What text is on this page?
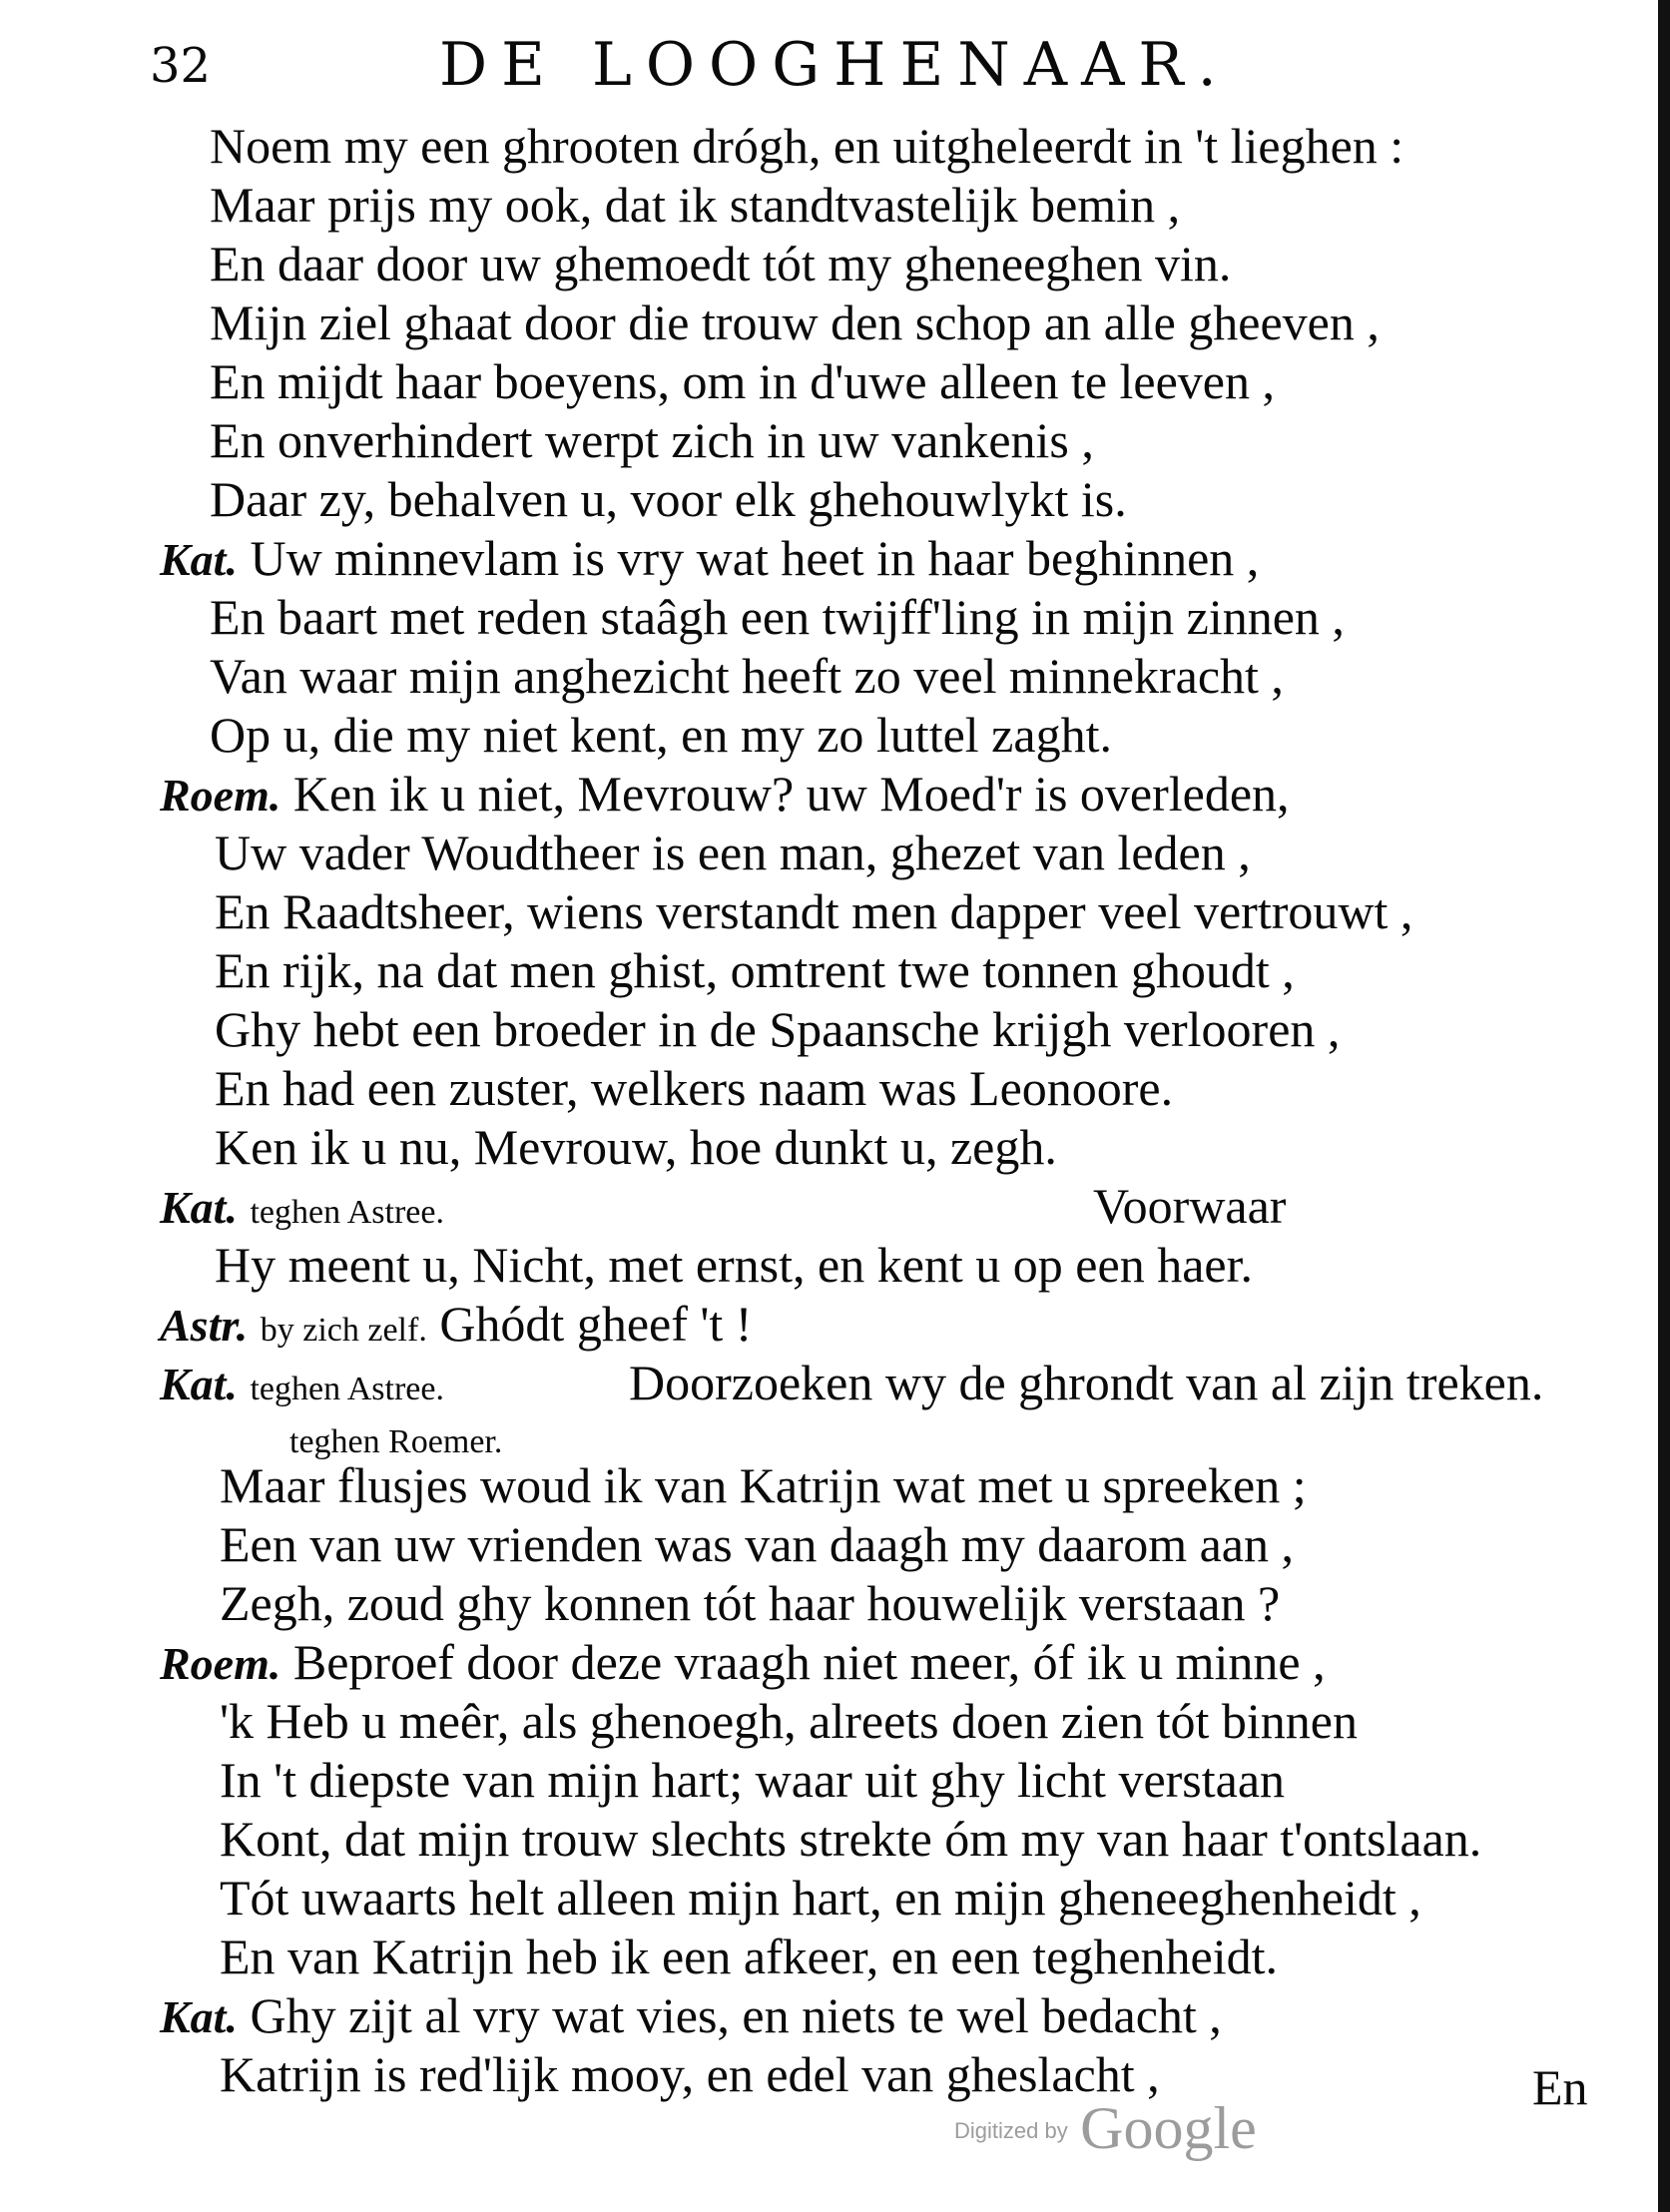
32	DE LOOGHENAAR.
Noem my een ghrooten drógh, en uitgheleerdt in 't lieghen :
Maar prijs my ook, dat ik standtvastelijk bemin ,
En daar door uw ghemoedt tót my gheneeghen vin.
Mijn ziel ghaat door die trouw den schop an alle gheeven ,
En mijdt haar boeyens, om in d'uwe alleen te leeven ,
En onverhindert werpt zich in uw vankenis ,
Daar zy, behalven u, voor elk ghehouwlykt is.
Kat. Uw minnevlam is vry wat heet in haar beghinnen ,
En baart met reden staâgh een twijff'ling in mijn zinnen ,
Van waar mijn anghezicht heeft zo veel minnekracht ,
Op u, die my niet kent, en my zo luttel zaght.
Roem. Ken ik u niet, Mevrouw? uw Moed'r is overleden,
Uw vader Woudtheer is een man, ghezet van leden ,
En Raadtsheer, wiens verstandt men dapper veel vertrouwt ,
En rijk, na dat men ghist, omtrent twe tonnen ghoudt ,
Ghy hebt een broeder in de Spaansche krijgh verlooren ,
En had een zuster, welkers naam was Leonoore.
Ken ik u nu, Mevrouw, hoe dunkt u, zegh.
Kat. teghen Astree.	Voorwaar
Hy meent u, Nicht, met ernst, en kent u op een haer.
Astr. by zich zelf. Ghódt gheef 't !
Kat. teghen Astree.	Doorzoeken wy de ghrondt van al zijn treken.
teghen Roemer.
Maar flusjes woud ik van Katrijn wat met u spreeken ;
Een van uw vrienden was van daagh my daarom aan ,
Zegh, zoud ghy konnen tót haar houwelijk verstaan ?
Roem. Beproef door deze vraagh niet meer, óf ik u minne ,
'k Heb u meêr, als ghenoegh, alreets doen zien tót binnen
In 't diepste van mijn hart; waar uit ghy licht verstaan
Kont, dat mijn trouw slechts strekte óm my van haar t'ontslaan.
Tót uwaarts helt alleen mijn hart, en mijn gheneeghenheidt ,
En van Katrijn heb ik een afkeer, en een teghenheidt.
Kat. Ghy zijt al vry wat vies, en niets te wel bedacht ,
Katrijn is red'lijk mooy, en edel van gheslacht ,	En
Digitized by Google
